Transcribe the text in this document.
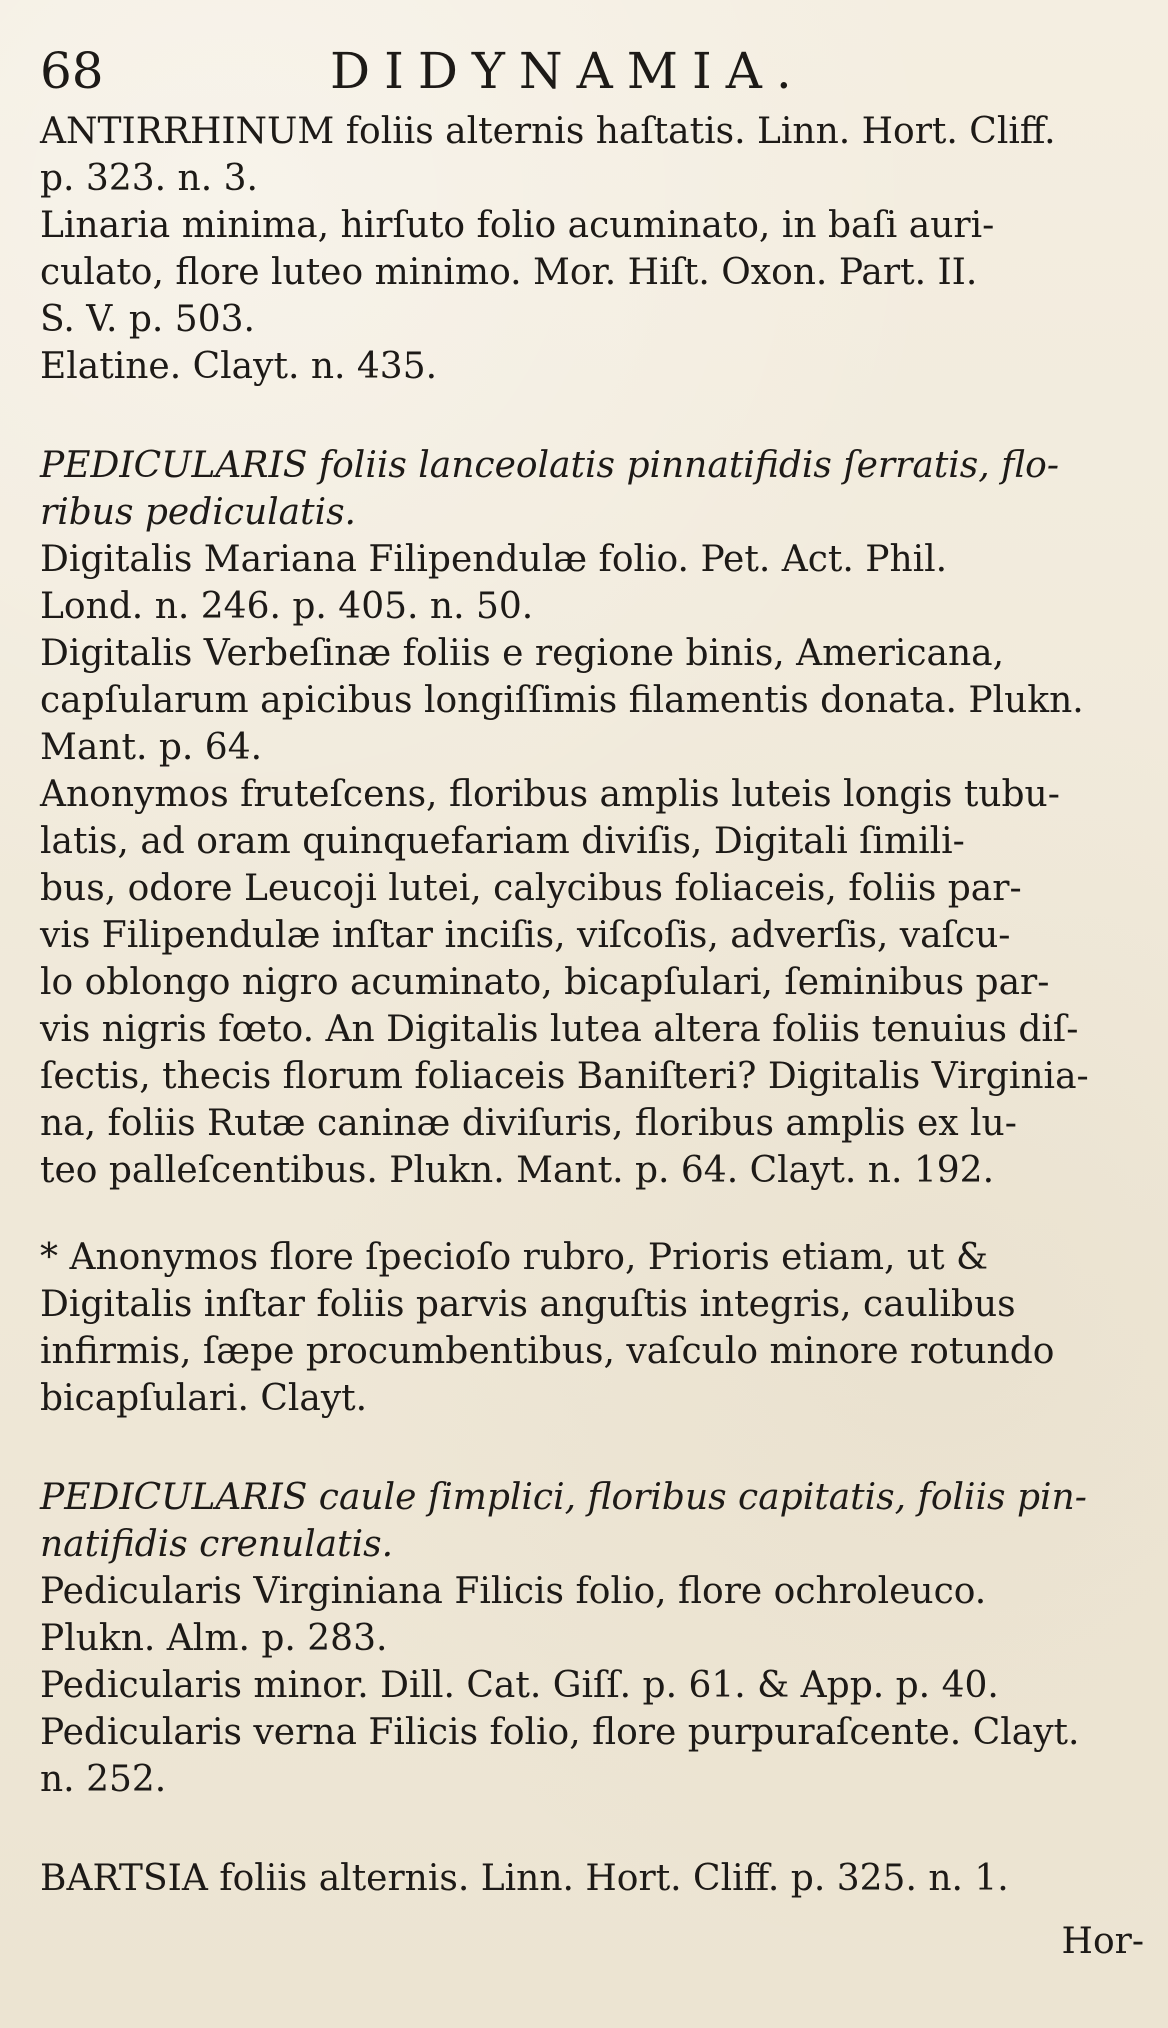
68	DIDYNAMIA.
ANTIRRHINUM foliis alternis haſtatis. Linn. Hort. Cliff.
p. 323. n. 3.
Linaria minima, hirſuto folio acuminato, in baſi auri-
culato, flore luteo minimo. Mor. Hiſt. Oxon. Part. II.
S. V. p. 503.
Elatine. Clayt. n. 435.
PEDICULARIS foliis lanceolatis pinnatifidis ſerratis, flo-
ribus pediculatis.
Digitalis Mariana Filipendulæ folio. Pet. Act. Phil.
Lond. n. 246. p. 405. n. 50.
Digitalis Verbeſinæ foliis e regione binis, Americana,
capſularum apicibus longiſſimis filamentis donata. Plukn.
Mant. p. 64.
Anonymos fruteſcens, floribus amplis luteis longis tubu-
latis, ad oram quinquefariam diviſis, Digitali ſimili-
bus, odore Leucoji lutei, calycibus foliaceis, foliis par-
vis Filipendulæ inſtar inciſis, viſcoſis, adverſis, vaſcu-
lo oblongo nigro acuminato, bicapſulari, ſeminibus par-
vis nigris fœto. An Digitalis lutea altera foliis tenuius diſ-
ſectis, thecis florum foliaceis Baniſteri? Digitalis Virginia-
na, foliis Rutæ caninæ diviſuris, floribus amplis ex lu-
teo palleſcentibus. Plukn. Mant. p. 64. Clayt. n. 192.
* Anonymos flore ſpecioſo rubro, Prioris etiam, ut &
Digitalis inſtar foliis parvis anguſtis integris, caulibus
infirmis, ſæpe procumbentibus, vaſculo minore rotundo
bicapſulari. Clayt.
PEDICULARIS caule ſimplici, floribus capitatis, foliis pin-
natifidis crenulatis.
Pedicularis Virginiana Filicis folio, flore ochroleuco.
Plukn. Alm. p. 283.
Pedicularis minor. Dill. Cat. Giſſ. p. 61. & App. p. 40.
Pedicularis verna Filicis folio, flore purpuraſcente. Clayt.
n. 252.
BARTSIA foliis alternis. Linn. Hort. Cliff. p. 325. n. 1.
Hor-
